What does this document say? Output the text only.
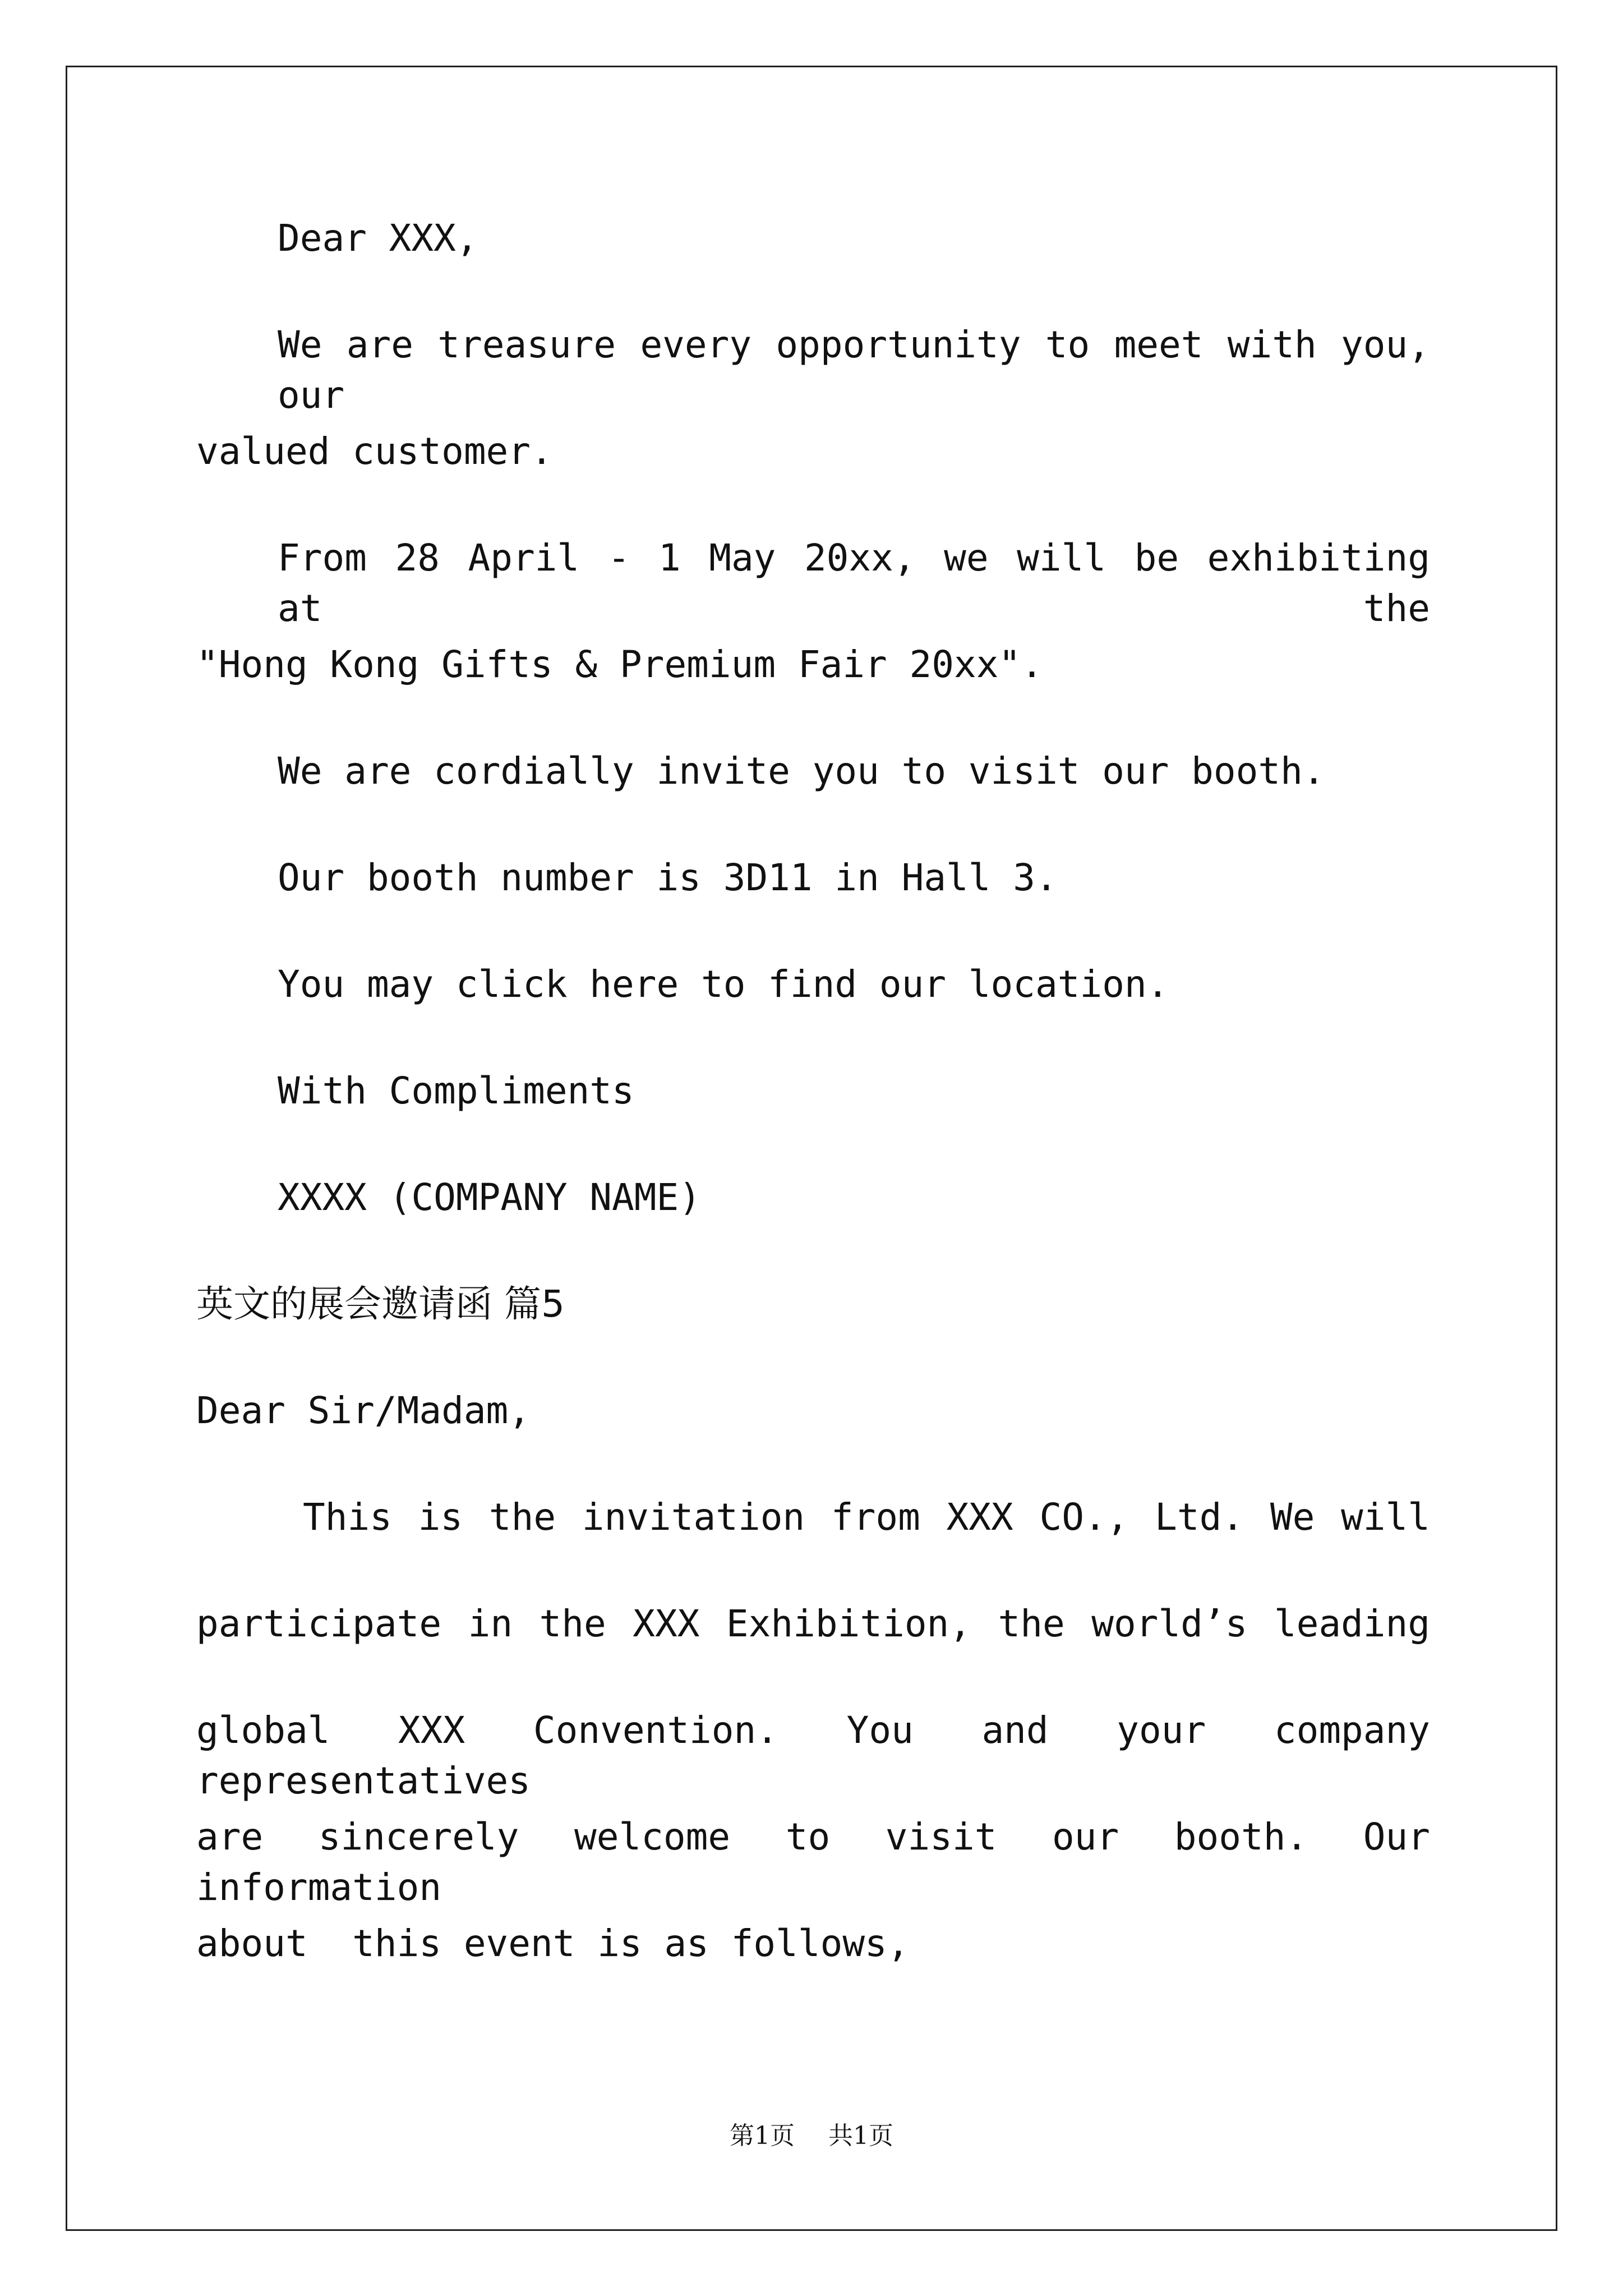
Dear XXX,
We are treasure every opportunity to meet with you, our
valued customer.
From 28 April - 1 May 20xx, we will be exhibiting at the
"Hong Kong Gifts & Premium Fair 20xx".
We are cordially invite you to visit our booth.
Our booth number is 3D11 in Hall 3.
You may click here to find our location.
With Compliments
XXXX (COMPANY NAME)
英文的展会邀请函 篇5
Dear Sir/Madam,
This is the invitation from XXX CO., Ltd. We will
participate in the XXX Exhibition, the world’s leading
global XXX Convention. You and your company representatives
are sincerely welcome to visit our booth. Our information
about  this event is as follows,
第1页 共1页
